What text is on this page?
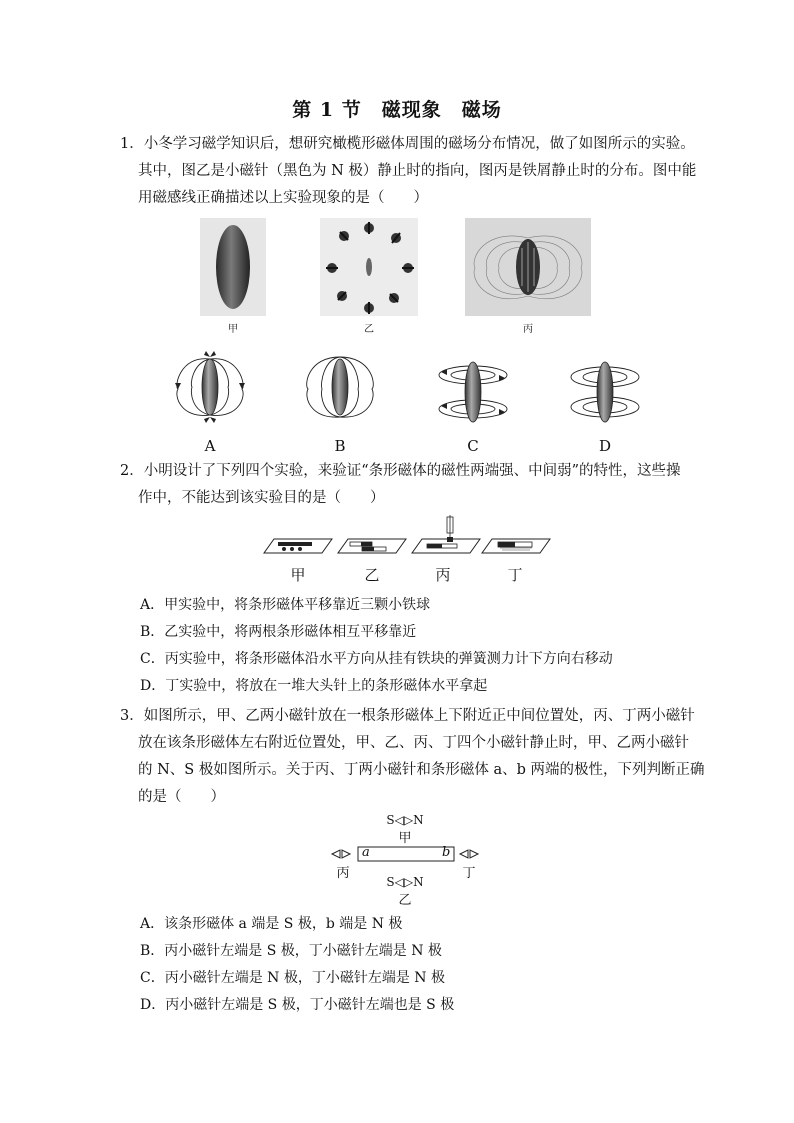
第 1 节　磁现象　磁场
1．小冬学习磁学知识后，想研究橄榄形磁体周围的磁场分布情况，做了如图所示的实验。
其中，图乙是小磁针（黑色为 N 极）静止时的指向，图丙是铁屑静止时的分布。图中能
用磁感线正确描述以上实验现象的是（　　）
甲	乙	丙
A	B	C	D
2．小明设计了下列四个实验，来验证“条形磁体的磁性两端强、中间弱”的特性，这些操
作中，不能达到该实验目的是（　　）
甲	乙	丙	丁
A．甲实验中，将条形磁体平移靠近三颗小铁球
B．乙实验中，将两根条形磁体相互平移靠近
C．丙实验中，将条形磁体沿水平方向从挂有铁块的弹簧测力计下方向右移动
D．丁实验中，将放在一堆大头针上的条形磁体水平拿起
3．如图所示，甲、乙两小磁针放在一根条形磁体上下附近正中间位置处，丙、丁两小磁针
放在该条形磁体左右附近位置处，甲、乙、丙、丁四个小磁针静止时，甲、乙两小磁针
的 N、S 极如图所示。关于丙、丁两小磁针和条形磁体 a、b 两端的极性，下列判断正确
的是（　　）
S◁▷N
甲
a	b
丙	丁
S◁▷N
乙
A．该条形磁体 a 端是 S 极，b 端是 N 极
B．丙小磁针左端是 S 极，丁小磁针左端是 N 极
C．丙小磁针左端是 N 极，丁小磁针左端是 N 极
D．丙小磁针左端是 S 极，丁小磁针左端也是 S 极
